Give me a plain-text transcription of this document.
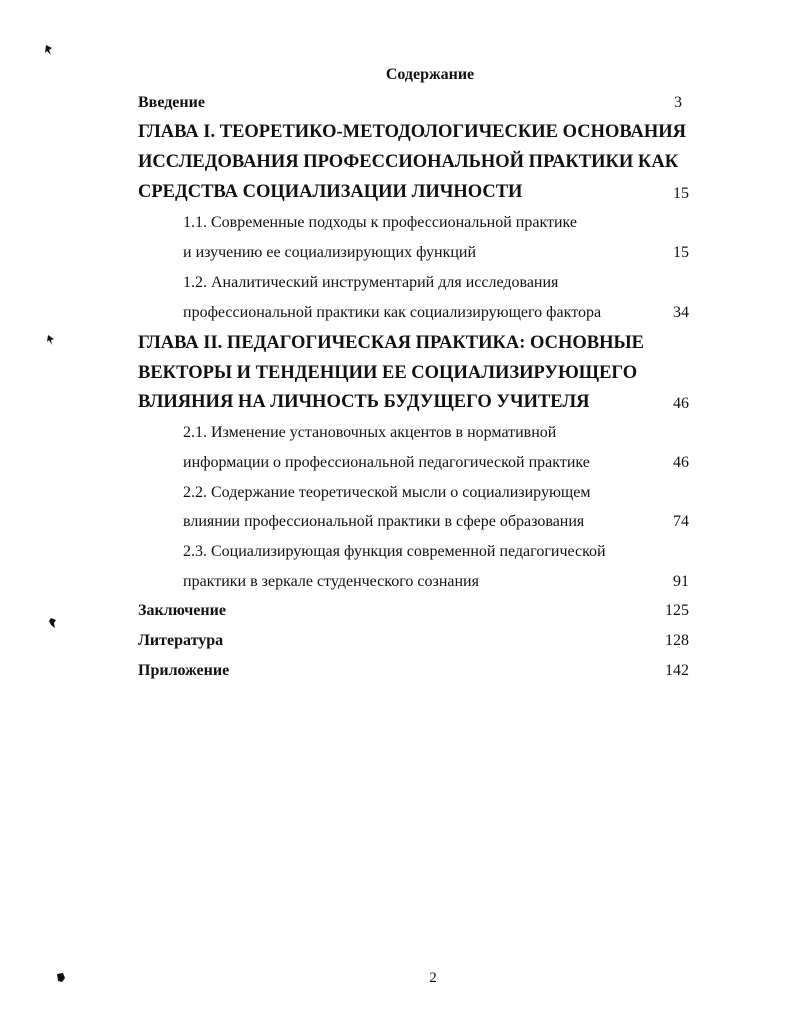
Содержание
Введение	3
ГЛАВА I. ТЕОРЕТИКО-МЕТОДОЛОГИЧЕСКИЕ ОСНОВАНИЯ
ИССЛЕДОВАНИЯ ПРОФЕССИОНАЛЬНОЙ ПРАКТИКИ КАК
СРЕДСТВА СОЦИАЛИЗАЦИИ ЛИЧНОСТИ	15
1.1. Современные подходы к профессиональной практике
и изучению ее социализирующих функций	15
1.2. Аналитический инструментарий для исследования
профессиональной практики как социализирующего фактора	34
ГЛАВА II. ПЕДАГОГИЧЕСКАЯ ПРАКТИКА: ОСНОВНЫЕ
ВЕКТОРЫ И ТЕНДЕНЦИИ ЕЕ СОЦИАЛИЗИРУЮЩЕГО
ВЛИЯНИЯ НА ЛИЧНОСТЬ БУДУЩЕГО УЧИТЕЛЯ	46
2.1. Изменение установочных акцентов в нормативной
информации о профессиональной педагогической практике	46
2.2. Содержание теоретической мысли о социализирующем
влиянии профессиональной практики в сфере образования	74
2.3. Социализирующая функция современной педагогической
практики в зеркале студенческого сознания	91
Заключение	125
Литература	128
Приложение	142
2
